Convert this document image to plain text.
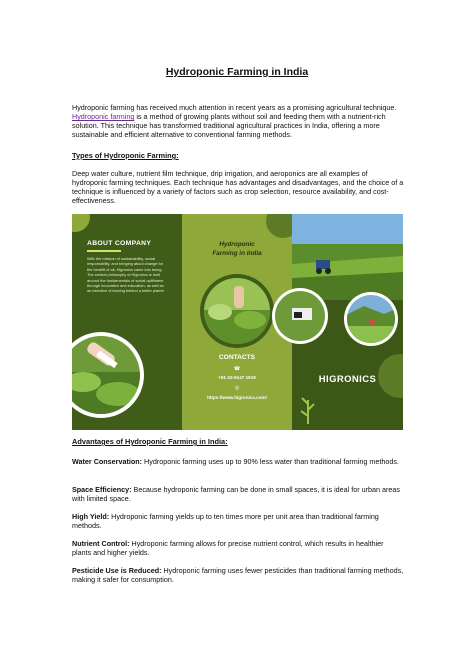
Hydroponic Farming in India

Hydroponic farming has received much attention in recent years as a promising agricultural technique. Hydroponic farming is a method of growing plants without soil and feeding them with a nutrient-rich solution. This technique has transformed traditional agricultural practices in India, offering a more sustainable and efficient alternative to conventional farming methods.

Types of Hydroponic Farming:

Deep water culture, nutrient film technique, drip irrigation, and aeroponics are all examples of hydroponic farming techniques. Each technique has advantages and disadvantages, and the choice of a technique is influenced by a variety of factors such as crop selection, resource availability, and cost-effectiveness.

ABOUT COMPANY
With the mission of sustainability, social responsibility, and bringing about change for the benefit of all, Higronics came into being. The central philosophy of Higronics is built around the fundamentals of social upliftment through innovation and education, as well as an intention of leaving behind a better planet.
Hydroponic
Farming in India
CONTACTS
☎
+91-22-6147 1919
◎
https://www.higronics.com/
HIGRONICS
Advantages of Hydroponic Farming in India:

Water Conservation: Hydroponic farming uses up to 90% less water than traditional farming methods.

Space Efficiency: Because hydroponic farming can be done in small spaces, it is ideal for urban areas with limited space.

High Yield: Hydroponic farming yields up to ten times more per unit area than traditional farming methods.

Nutrient Control: Hydroponic farming allows for precise nutrient control, which results in healthier plants and higher yields.

Pesticide Use is Reduced: Hydroponic farming uses fewer pesticides than traditional farming methods, making it safer for consumption.
